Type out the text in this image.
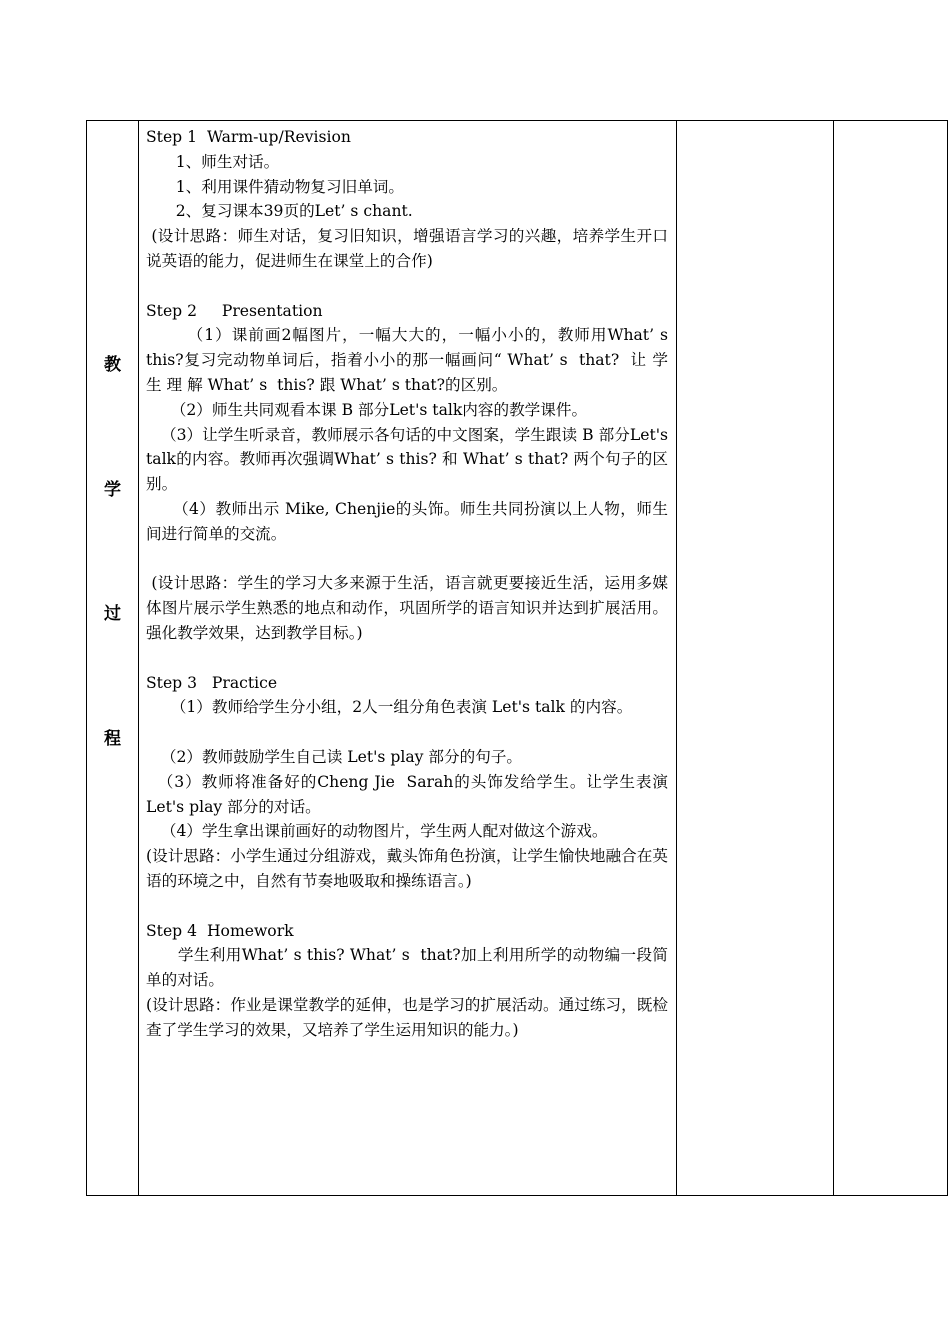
教
学
过
程

Step 1  Warm-up/Revision

1、师生对话。

1、利用课件猜动物复习旧单词。

2、复习课本39页的Let’ s chant.

(设计思路：师生对话，复习旧知识，增强语言学习的兴趣，培养学生开口说英语的能力，促进师生在课堂上的合作)

Step 2     Presentation

（1）课前画2幅图片，一幅大大的，一幅小小的，教师用What’ s this?复习完动物单词后，指着小小的那一幅画问“ What’ s  that?  让 学 生 理 解 What’ s  this? 跟 What’ s that?的区别。

（2）师生共同观看本课 B 部分Let's talk内容的教学课件。

（3）让学生听录音，教师展示各句话的中文图案，学生跟读 B 部分Let's talk的内容。教师再次强调What’ s this? 和 What’ s that? 两个句子的区别。

（4）教师出示 Mike, Chenjie的头饰。师生共同扮演以上人物，师生间进行简单的交流。

(设计思路：学生的学习大多来源于生活，语言就更要接近生活，运用多媒体图片展示学生熟悉的地点和动作，巩固所学的语言知识并达到扩展活用。强化教学效果，达到教学目标。)

Step 3   Practice

（1）教师给学生分小组，2人一组分角色表演 Let's talk 的内容。

（2）教师鼓励学生自己读 Let's play 部分的句子。

（3）教师将准备好的Cheng Jie  Sarah的头饰发给学生。让学生表演 Let's play 部分的对话。

（4）学生拿出课前画好的动物图片，学生两人配对做这个游戏。

(设计思路：小学生通过分组游戏，戴头饰角色扮演，让学生愉快地融合在英语的环境之中，自然有节奏地吸取和操练语言。)

Step 4  Homework

学生利用What’ s this? What’ s  that?加上利用所学的动物编一段简单的对话。

(设计思路：作业是课堂教学的延伸，也是学习的扩展活动。通过练习，既检查了学生学习的效果，又培养了学生运用知识的能力。)
